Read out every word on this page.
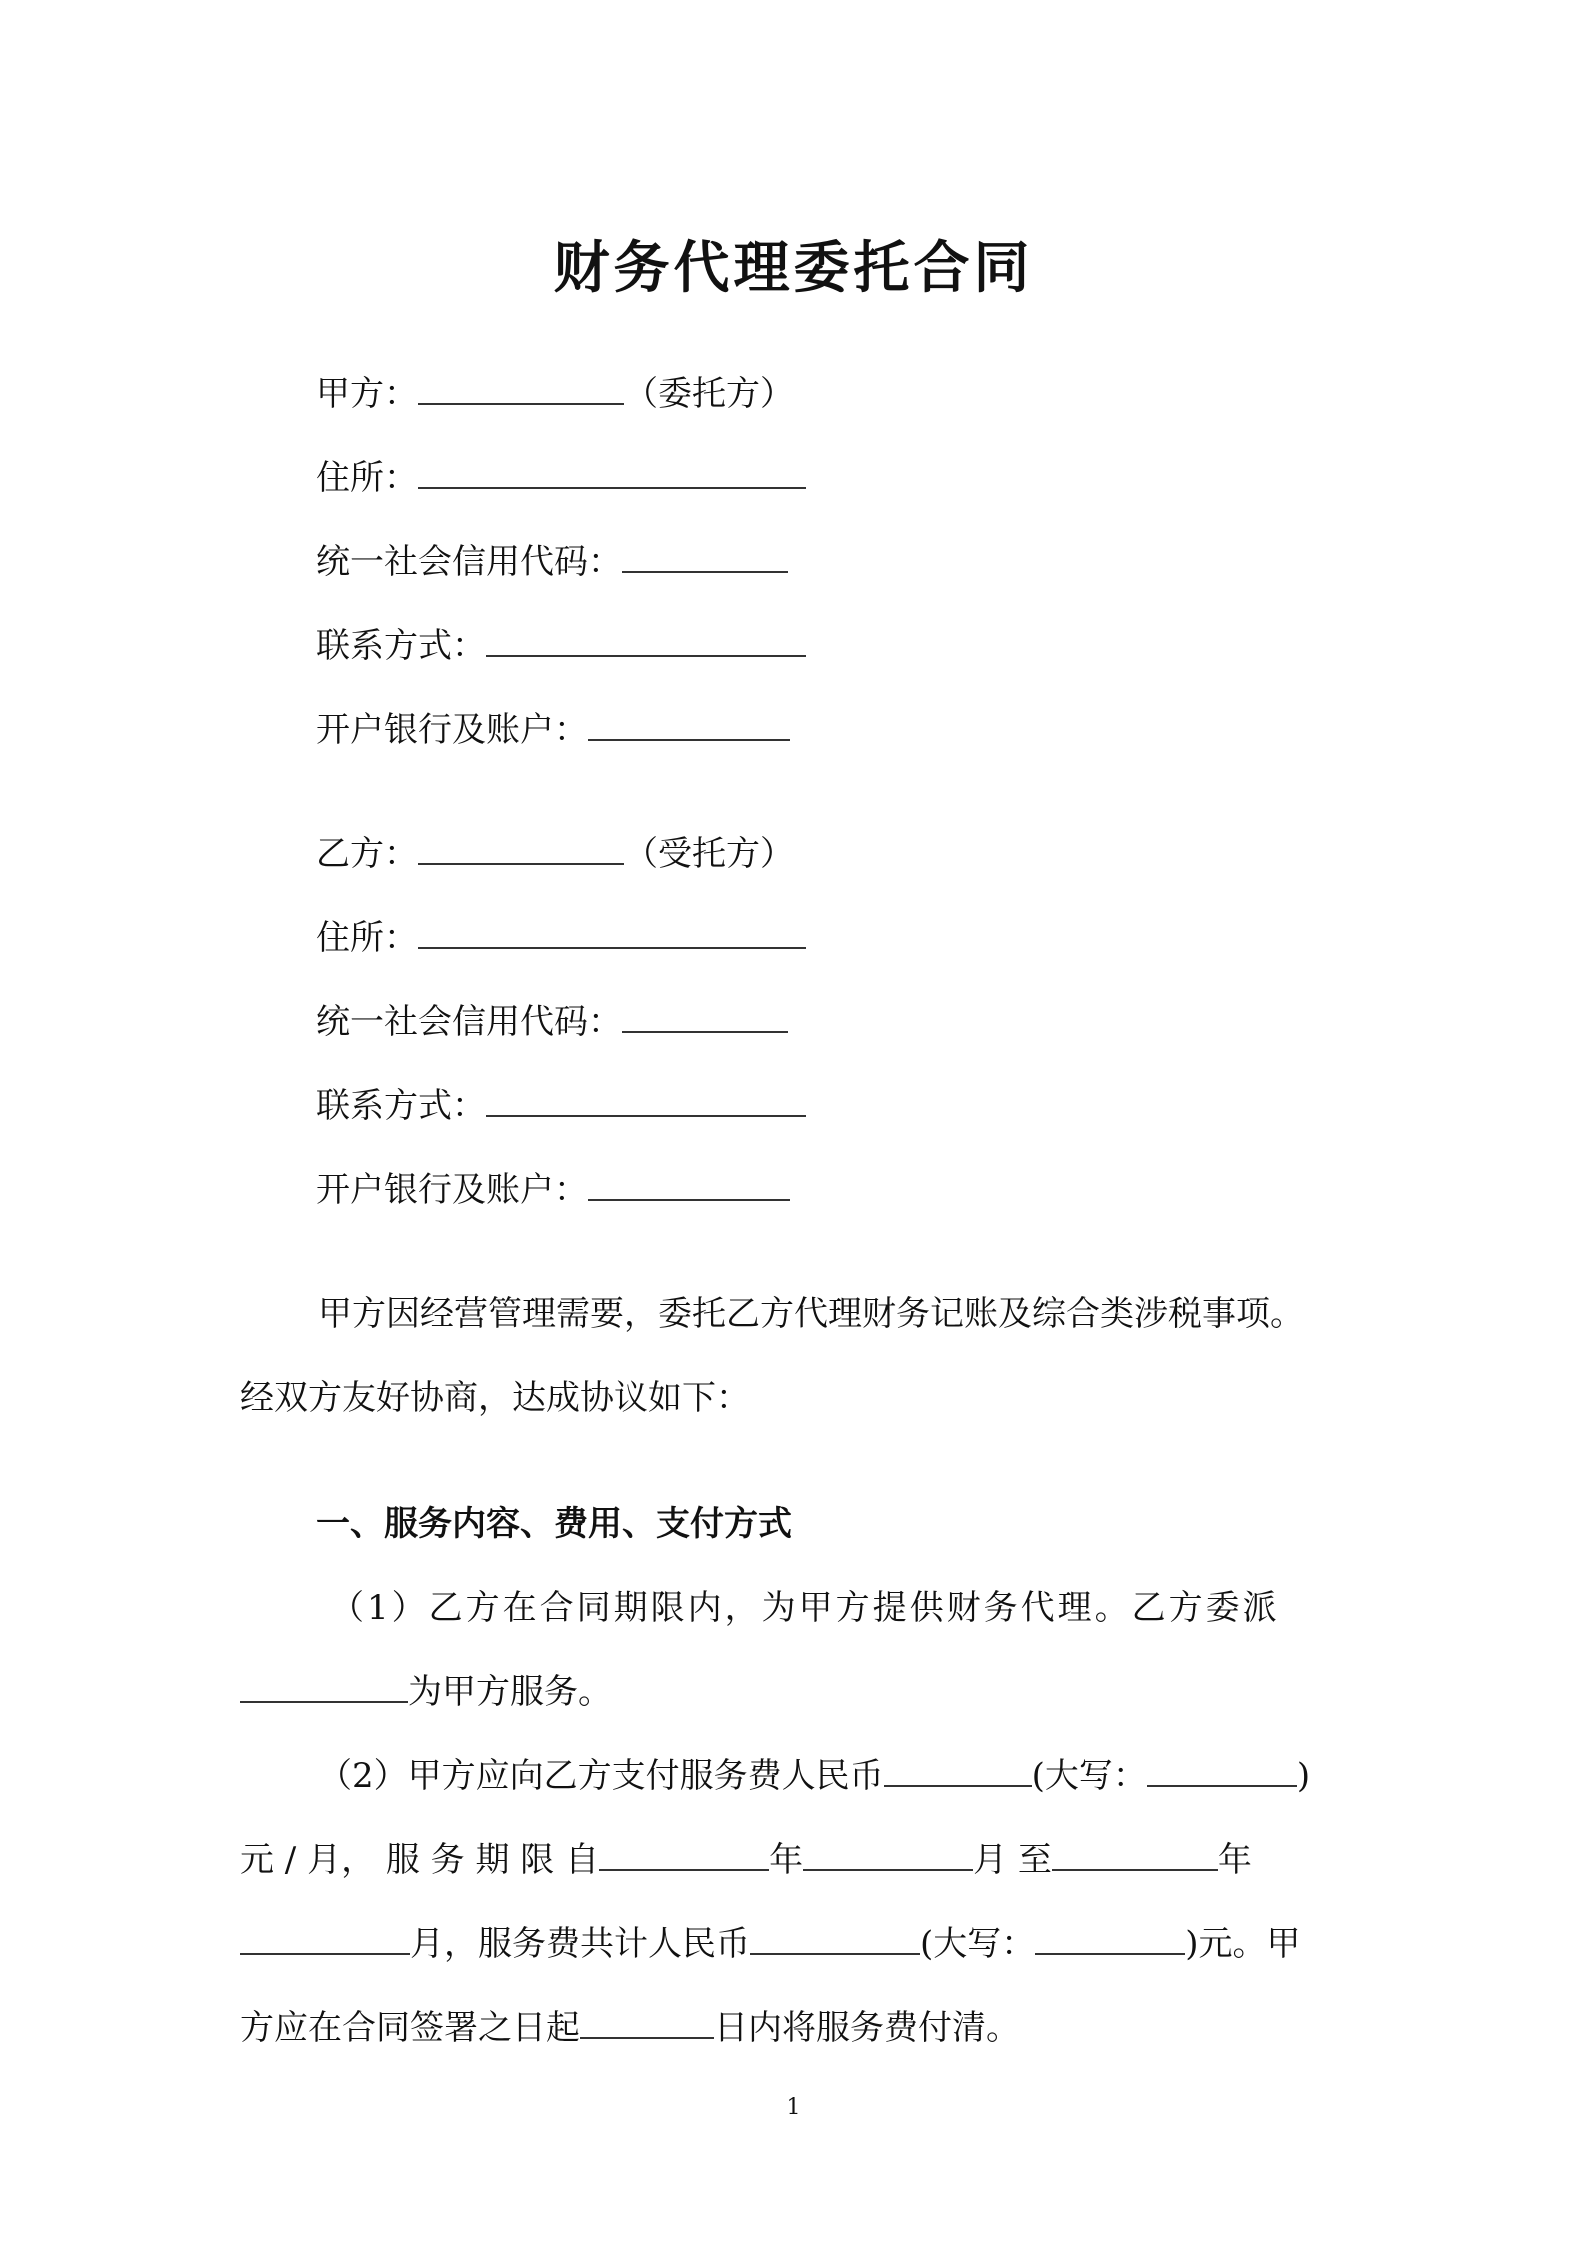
财务代理委托合同
甲方：	（委托方）
住所：
统一社会信用代码：
联系方式：
开户银行及账户：
乙方：	（受托方）
住所：
统一社会信用代码：
联系方式：
开户银行及账户：
甲方因经营管理需要，委托乙方代理财务记账及综合类涉税事项。
经双方友好协商，达成协议如下：
一、服务内容、费用、支付方式
（1）乙方在合同期限内，为甲方提供财务代理。乙方委派
为甲方服务。
（2）甲方应向乙方支付服务费人民币	(大写：	)
元 / 月， 服 务 期 限 自	年	月 至	年
月，服务费共计人民币	(大写：	)元。甲
方应在合同签署之日起	日内将服务费付清。
1
